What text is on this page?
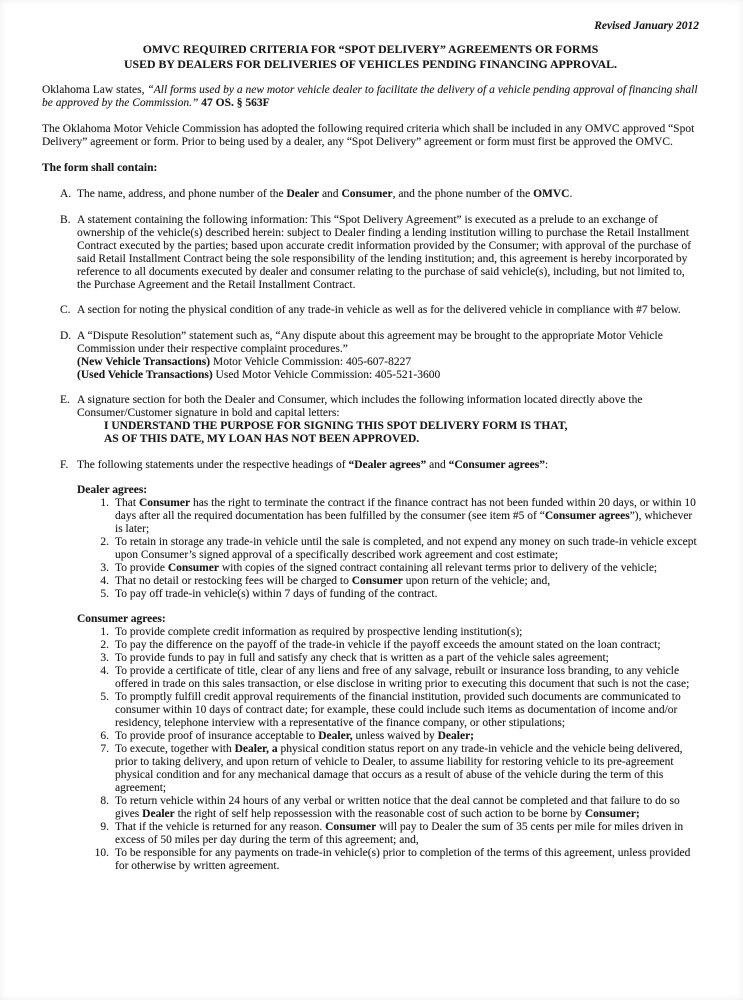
Revised January 2012
OMVC REQUIRED CRITERIA FOR “SPOT DELIVERY” AGREEMENTS OR FORMS
USED BY DEALERS FOR DELIVERIES OF VEHICLES PENDING FINANCING APPROVAL.

Oklahoma Law states, “All forms used by a new motor vehicle dealer to facilitate the delivery of a vehicle pending approval of financing shall be approved by the Commission.” 47 OS. § 563F

The Oklahoma Motor Vehicle Commission has adopted the following required criteria which shall be included in any OMVC approved “Spot Delivery” agreement or form. Prior to being used by a dealer, any “Spot Delivery” agreement or form must first be approved the OMVC.

The form shall contain:

A. The name, address, and phone number of the Dealer and Consumer, and the phone number of the OMVC.
B. A statement containing the following information: This “Spot Delivery Agreement” is executed as a prelude to an exchange of ownership of the vehicle(s) described herein: subject to Dealer finding a lending institution willing to purchase the Retail Installment Contract executed by the parties; based upon accurate credit information provided by the Consumer; with approval of the purchase of said Retail Installment Contract being the sole responsibility of the lending institution; and, this agreement is hereby incorporated by reference to all documents executed by dealer and consumer relating to the purchase of said vehicle(s), including, but not limited to, the Purchase Agreement and the Retail Installment Contract.
C. A section for noting the physical condition of any trade-in vehicle as well as for the delivered vehicle in compliance with #7 below.
D. A “Dispute Resolution” statement such as, “Any dispute about this agreement may be brought to the appropriate Motor Vehicle Commission under their respective complaint procedures.”
(New Vehicle Transactions) Motor Vehicle Commission: 405-607-8227
(Used Vehicle Transactions) Used Motor Vehicle Commission: 405-521-3600
E. A signature section for both the Dealer and Consumer, which includes the following information located directly above the Consumer/Customer signature in bold and capital letters:
I UNDERSTAND THE PURPOSE FOR SIGNING THIS SPOT DELIVERY FORM IS THAT,
AS OF THIS DATE, MY LOAN HAS NOT BEEN APPROVED.
F. The following statements under the respective headings of “Dealer agrees” and “Consumer agrees”:
Dealer agrees:
1. That Consumer has the right to terminate the contract if the finance contract has not been funded within 20 days, or within 10 days after all the required documentation has been fulfilled by the consumer (see item #5 of “Consumer agrees”), whichever is later;
2. To retain in storage any trade-in vehicle until the sale is completed, and not expend any money on such trade-in vehicle except upon Consumer’s signed approval of a specifically described work agreement and cost estimate;
3. To provide Consumer with copies of the signed contract containing all relevant terms prior to delivery of the vehicle;
4. That no detail or restocking fees will be charged to Consumer upon return of the vehicle; and,
5. To pay off trade-in vehicle(s) within 7 days of funding of the contract.
Consumer agrees:
1. To provide complete credit information as required by prospective lending institution(s);
2. To pay the difference on the payoff of the trade-in vehicle if the payoff exceeds the amount stated on the loan contract;
3. To provide funds to pay in full and satisfy any check that is written as a part of the vehicle sales agreement;
4. To provide a certificate of title, clear of any liens and free of any salvage, rebuilt or insurance loss branding, to any vehicle offered in trade on this sales transaction, or else disclose in writing prior to executing this document that such is not the case;
5. To promptly fulfill credit approval requirements of the financial institution, provided such documents are communicated to consumer within 10 days of contract date; for example, these could include such items as documentation of income and/or residency, telephone interview with a representative of the finance company, or other stipulations;
6. To provide proof of insurance acceptable to Dealer, unless waived by Dealer;
7. To execute, together with Dealer, a physical condition status report on any trade-in vehicle and the vehicle being delivered, prior to taking delivery, and upon return of vehicle to Dealer, to assume liability for restoring vehicle to its pre-agreement physical condition and for any mechanical damage that occurs as a result of abuse of the vehicle during the term of this agreement;
8. To return vehicle within 24 hours of any verbal or written notice that the deal cannot be completed and that failure to do so gives Dealer the right of self help repossession with the reasonable cost of such action to be borne by Consumer;
9. That if the vehicle is returned for any reason. Consumer will pay to Dealer the sum of 35 cents per mile for miles driven in excess of 50 miles per day during the term of this agreement; and,
10. To be responsible for any payments on trade-in vehicle(s) prior to completion of the terms of this agreement, unless provided for otherwise by written agreement.
